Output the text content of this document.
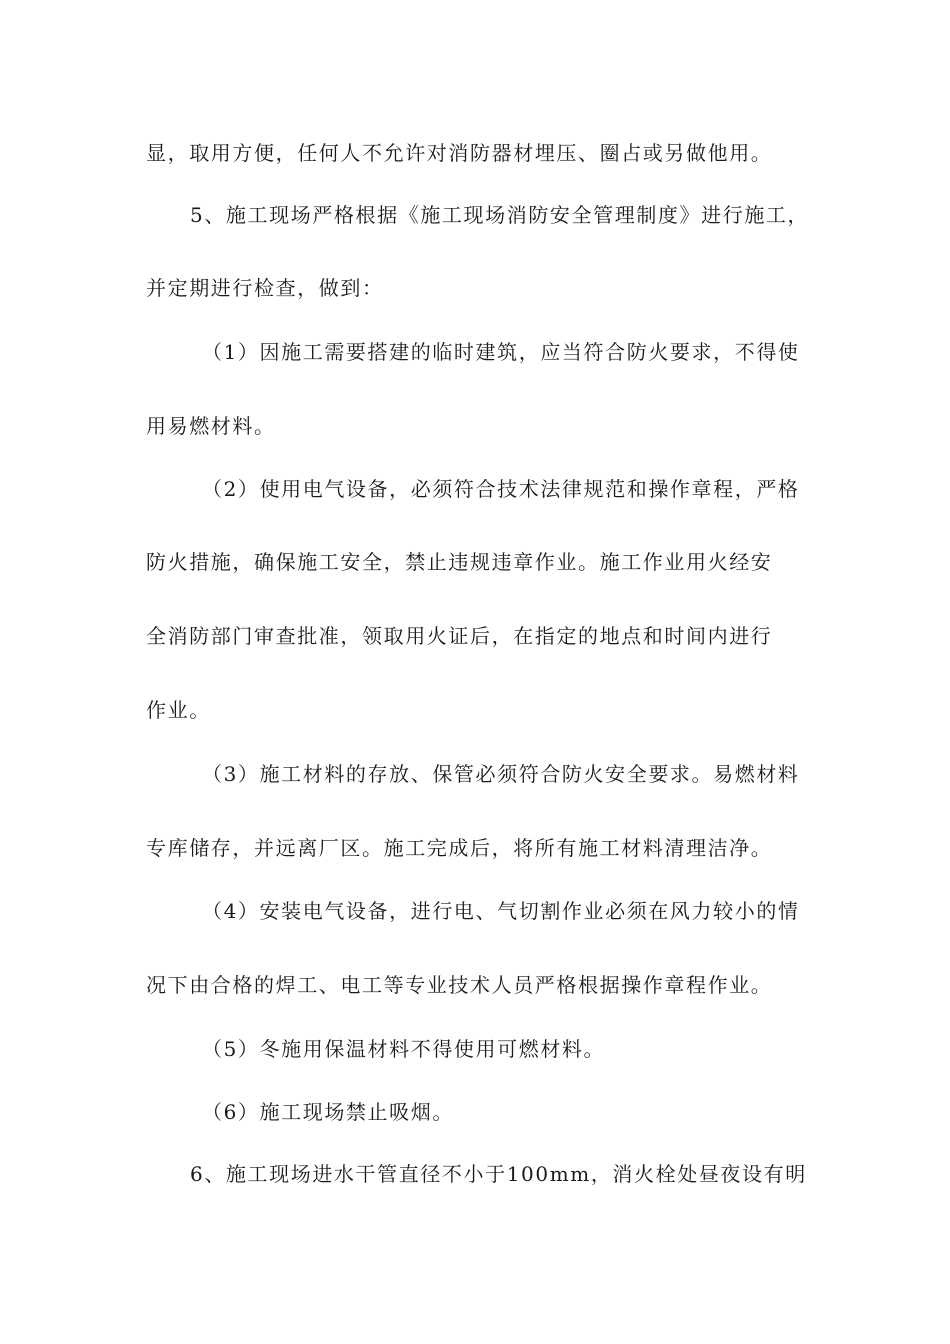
显，取用方便，任何人不允许对消防器材埋压、圈占或另做他用。
5、施工现场严格根据《施工现场消防安全管理制度》进行施工，
并定期进行检查，做到：
（1）因施工需要搭建的临时建筑，应当符合防火要求，不得使
用易燃材料。
（2）使用电气设备，必须符合技术法律规范和操作章程，严格
防火措施，确保施工安全，禁止违规违章作业。施工作业用火经安
全消防部门审查批准，领取用火证后，在指定的地点和时间内进行
作业。
（3）施工材料的存放、保管必须符合防火安全要求。易燃材料
专库储存，并远离厂区。施工完成后，将所有施工材料清理洁净。
（4）安装电气设备，进行电、气切割作业必须在风力较小的情
况下由合格的焊工、电工等专业技术人员严格根据操作章程作业。
（5）冬施用保温材料不得使用可燃材料。
（6）施工现场禁止吸烟。
6、施工现场进水干管直径不小于100mm，消火栓处昼夜设有明
